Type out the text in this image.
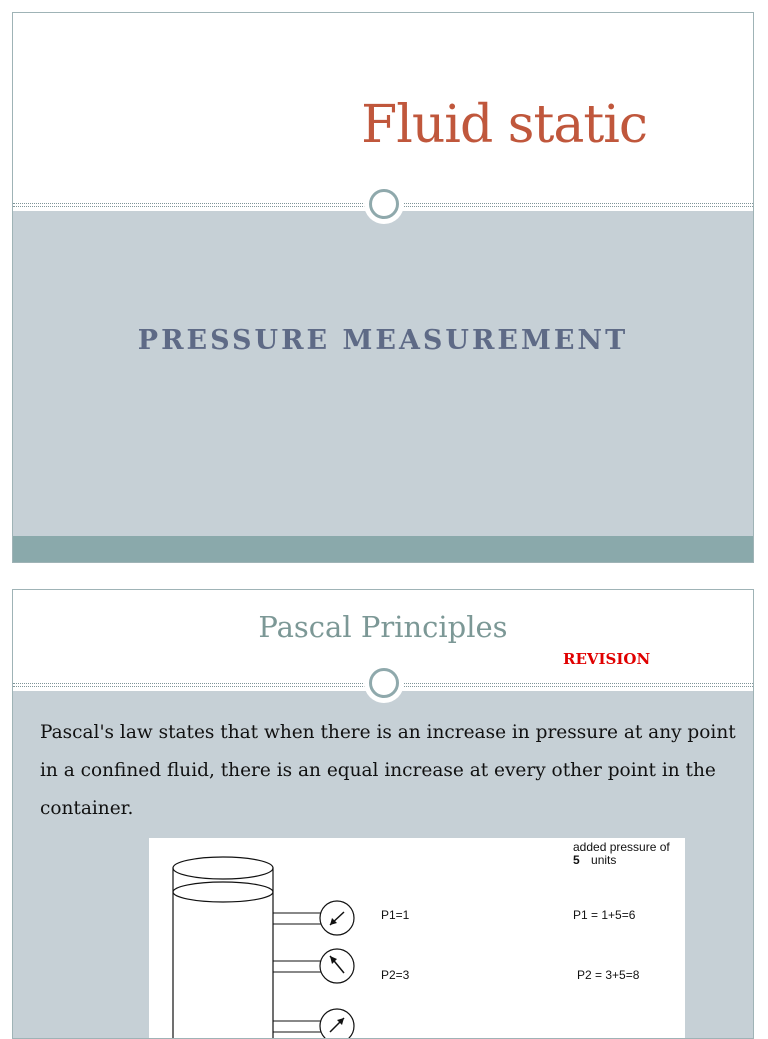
Fluid static
PRESSURE MEASUREMENT
Pascal Principles
REVISION
Pascal's law states that when there is an increase in pressure at any point in a confined fluid, there is an equal increase at every other point in the container.
added pressure of
5 units
P1=1
P2=3
P1 = 1+5=6
P2 = 3+5=8
